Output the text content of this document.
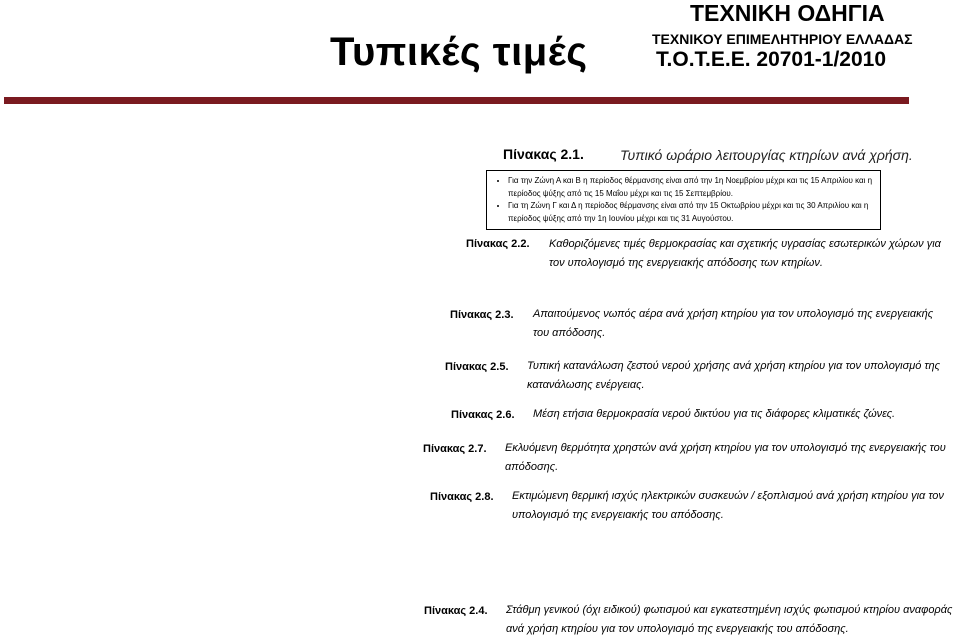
Τυπικές τιμές
ΤΕΧΝΙΚΗ ΟΔΗΓΙΑ
ΤΕΧΝΙΚΟΥ ΕΠΙΜΕΛΗΤΗΡΙΟΥ ΕΛΛΑΔΑΣ
Τ.Ο.Τ.Ε.Ε. 20701-1/2010
Πίνακας 2.1.	Τυπικό ωράριο λειτουργίας κτηρίων ανά χρήση.
• Για την Ζώνη Α και Β η περίοδος θέρμανσης είναι από την 1η Νοεμβρίου μέχρι και τις 15 Απριλίου και η περίοδος ψύξης από τις 15 Μαΐου μέχρι και τις 15 Σεπτεμβρίου.
• Για τη Ζώνη Γ και Δ η περίοδος θέρμανσης είναι από την 15 Οκτωβρίου μέχρι και τις 30 Απριλίου και η περίοδος ψύξης από την 1η Ιουνίου μέχρι και τις 31 Αυγούστου.
Πίνακας 2.2. Καθοριζόμενες τιμές θερμοκρασίας και σχετικής υγρασίας εσωτερικών χώρων για τον υπολογισμό της ενεργειακής απόδοσης των κτηρίων.
Πίνακας 2.3. Απαιτούμενος νωπός αέρα ανά χρήση κτηρίου για τον υπολογισμό της ενεργειακής του απόδοσης.
Πίνακας 2.5. Τυπική κατανάλωση ζεστού νερού χρήσης ανά χρήση κτηρίου για τον υπολογισμό της κατανάλωσης ενέργειας.
Πίνακας 2.6. Μέση ετήσια θερμοκρασία νερού δικτύου για τις διάφορες κλιματικές ζώνες.
Πίνακας 2.7. Εκλυόμενη θερμότητα χρηστών ανά χρήση κτηρίου για τον υπολογισμό της ενεργειακής του απόδοσης.
Πίνακας 2.8. Εκτιμώμενη θερμική ισχύς ηλεκτρικών συσκευών / εξοπλισμού ανά χρήση κτηρίου για τον υπολογισμό της ενεργειακής του απόδοσης.
Πίνακας 2.4. Στάθμη γενικού (όχι ειδικού) φωτισμού και εγκατεστημένη ισχύς φωτισμού κτηρίου αναφοράς ανά χρήση κτηρίου για τον υπολογισμό της ενεργειακής του απόδοσης.
